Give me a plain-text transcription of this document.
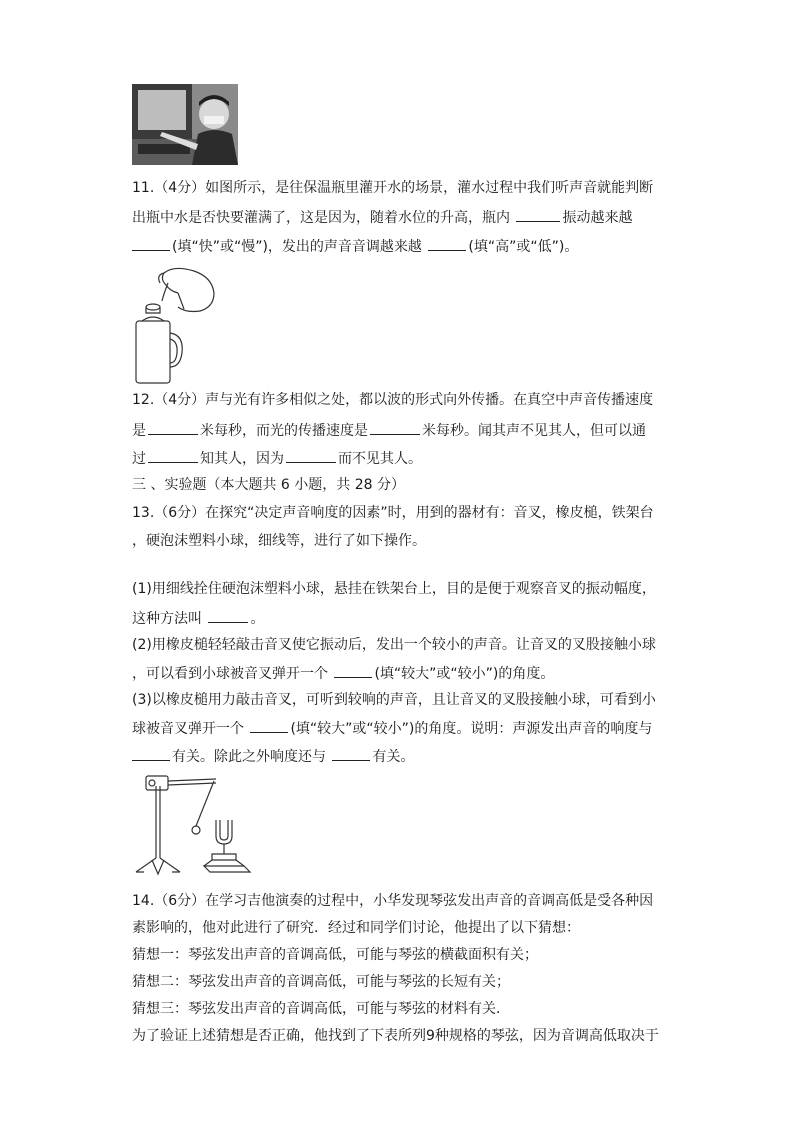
11.（4分）如图所示，是往保温瓶里灌开水的场景，灌水过程中我们听声音就能判断
出瓶中水是否快要灌满了，这是因为，随着水位的升高，瓶内	振动越来越
(填“快”或“慢”)，发出的声音音调越来越	(填“高”或“低”)。
12.（4分）声与光有许多相似之处，都以波的形式向外传播。在真空中声音传播速度
是	米每秒，而光的传播速度是	米每秒。闻其声不见其人，但可以通
过	知其人，因为	而不见其人。
三 、实验题（本大题共 6 小题，共 28 分）
13.（6分）在探究“决定声音响度的因素”时，用到的器材有：音叉，橡皮槌，铁架台
，硬泡沫塑料小球，细线等，进行了如下操作。
(1)用细线拴住硬泡沫塑料小球，悬挂在铁架台上，目的是便于观察音叉的振动幅度，
这种方法叫	。
(2)用橡皮槌轻轻敲击音叉使它振动后，发出一个较小的声音。让音叉的叉股接触小球
，可以看到小球被音叉弹开一个	(填“较大”或“较小”)的角度。
(3)以橡皮槌用力敲击音叉，可听到较响的声音，且让音叉的叉股接触小球，可看到小
球被音叉弹开一个	(填“较大”或“较小”)的角度。说明：声源发出声音的响度与
有关。除此之外响度还与	有关。
14.（6分）在学习吉他演奏的过程中，小华发现琴弦发出声音的音调高低是受各种因
素影响的，他对此进行了研究．经过和同学们讨论，他提出了以下猜想：
猜想一：琴弦发出声音的音调高低，可能与琴弦的横截面积有关；
猜想二：琴弦发出声音的音调高低，可能与琴弦的长短有关；
猜想三：琴弦发出声音的音调高低，可能与琴弦的材料有关．
为了验证上述猜想是否正确，他找到了下表所列9种规格的琴弦，因为音调高低取决于
